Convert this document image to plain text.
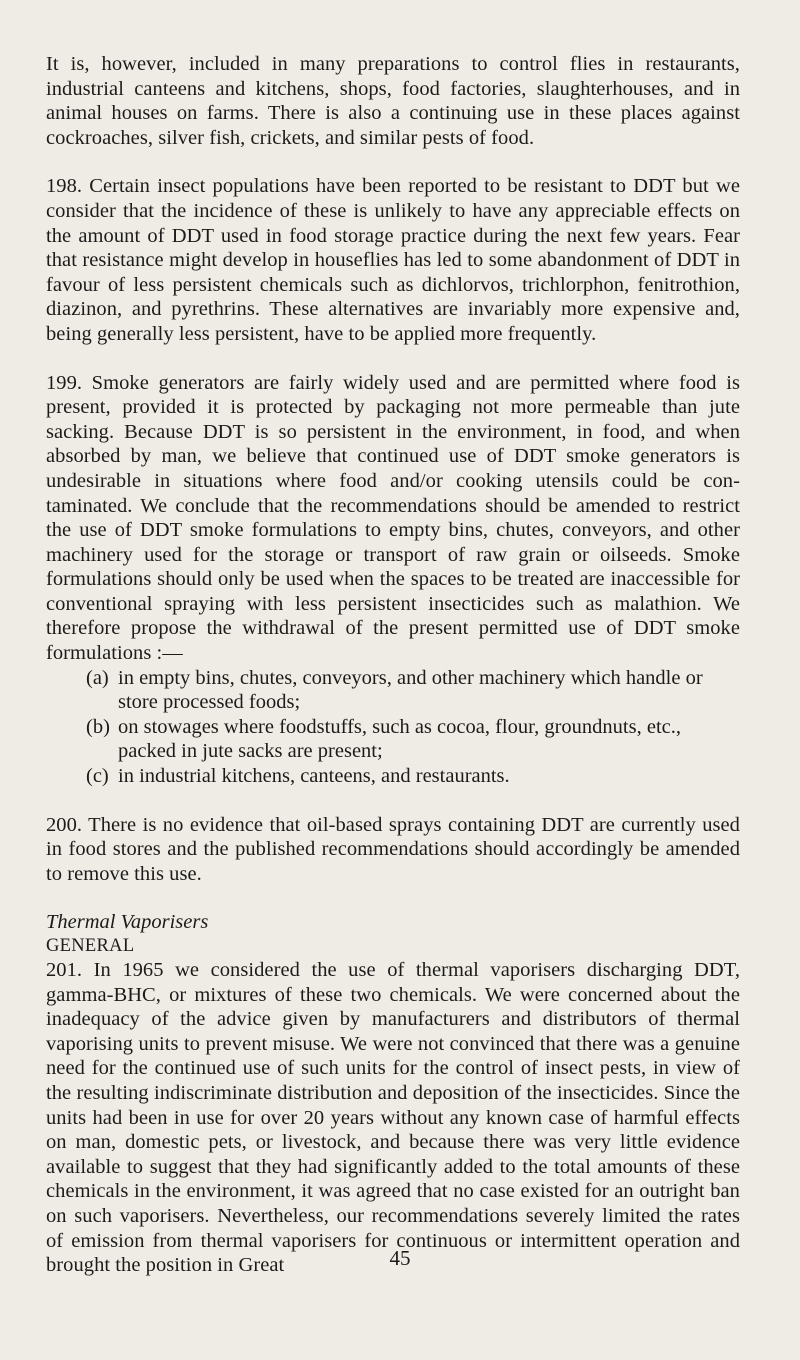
It is, however, included in many preparations to control flies in restaurants, industrial canteens and kitchens, shops, food factories, slaughterhouses, and in animal houses on farms. There is also a continuing use in these places against cockroaches, silver fish, crickets, and similar pests of food.

198. Certain insect populations have been reported to be resistant to DDT but we consider that the incidence of these is unlikely to have any appreciable effects on the amount of DDT used in food storage practice during the next few years. Fear that resistance might develop in houseflies has led to some abandonment of DDT in favour of less persistent chemicals such as dichlorvos, trichlorphon, fenitrothion, diazinon, and pyrethrins. These alternatives are invariably more expensive and, being generally less persistent, have to be applied more frequently.

199. Smoke generators are fairly widely used and are permitted where food is present, provided it is protected by packaging not more permeable than jute sacking. Because DDT is so persistent in the environment, in food, and when absorbed by man, we believe that continued use of DDT smoke generators is undesirable in situations where food and/or cooking utensils could be con-taminated. We conclude that the recommendations should be amended to restrict the use of DDT smoke formulations to empty bins, chutes, conveyors, and other machinery used for the storage or transport of raw grain or oilseeds. Smoke formulations should only be used when the spaces to be treated are inaccessible for conventional spraying with less persistent insecticides such as malathion. We therefore propose the withdrawal of the present permitted use of DDT smoke formulations :—

(a) in empty bins, chutes, conveyors, and other machinery which handle or store processed foods;
(b) on stowages where foodstuffs, such as cocoa, flour, groundnuts, etc., packed in jute sacks are present;
(c) in industrial kitchens, canteens, and restaurants.

200. There is no evidence that oil-based sprays containing DDT are currently used in food stores and the published recommendations should accordingly be amended to remove this use.

Thermal Vaporisers
GENERAL

201. In 1965 we considered the use of thermal vaporisers discharging DDT, gamma-BHC, or mixtures of these two chemicals. We were concerned about the inadequacy of the advice given by manufacturers and distributors of thermal vaporising units to prevent misuse. We were not convinced that there was a genuine need for the continued use of such units for the control of insect pests, in view of the resulting indiscriminate distribution and deposition of the insecticides. Since the units had been in use for over 20 years without any known case of harmful effects on man, domestic pets, or livestock, and because there was very little evidence available to suggest that they had significantly added to the total amounts of these chemicals in the environment, it was agreed that no case existed for an outright ban on such vaporisers. Nevertheless, our recommendations severely limited the rates of emission from thermal vaporisers for continuous or intermittent operation and brought the position in Great	45
